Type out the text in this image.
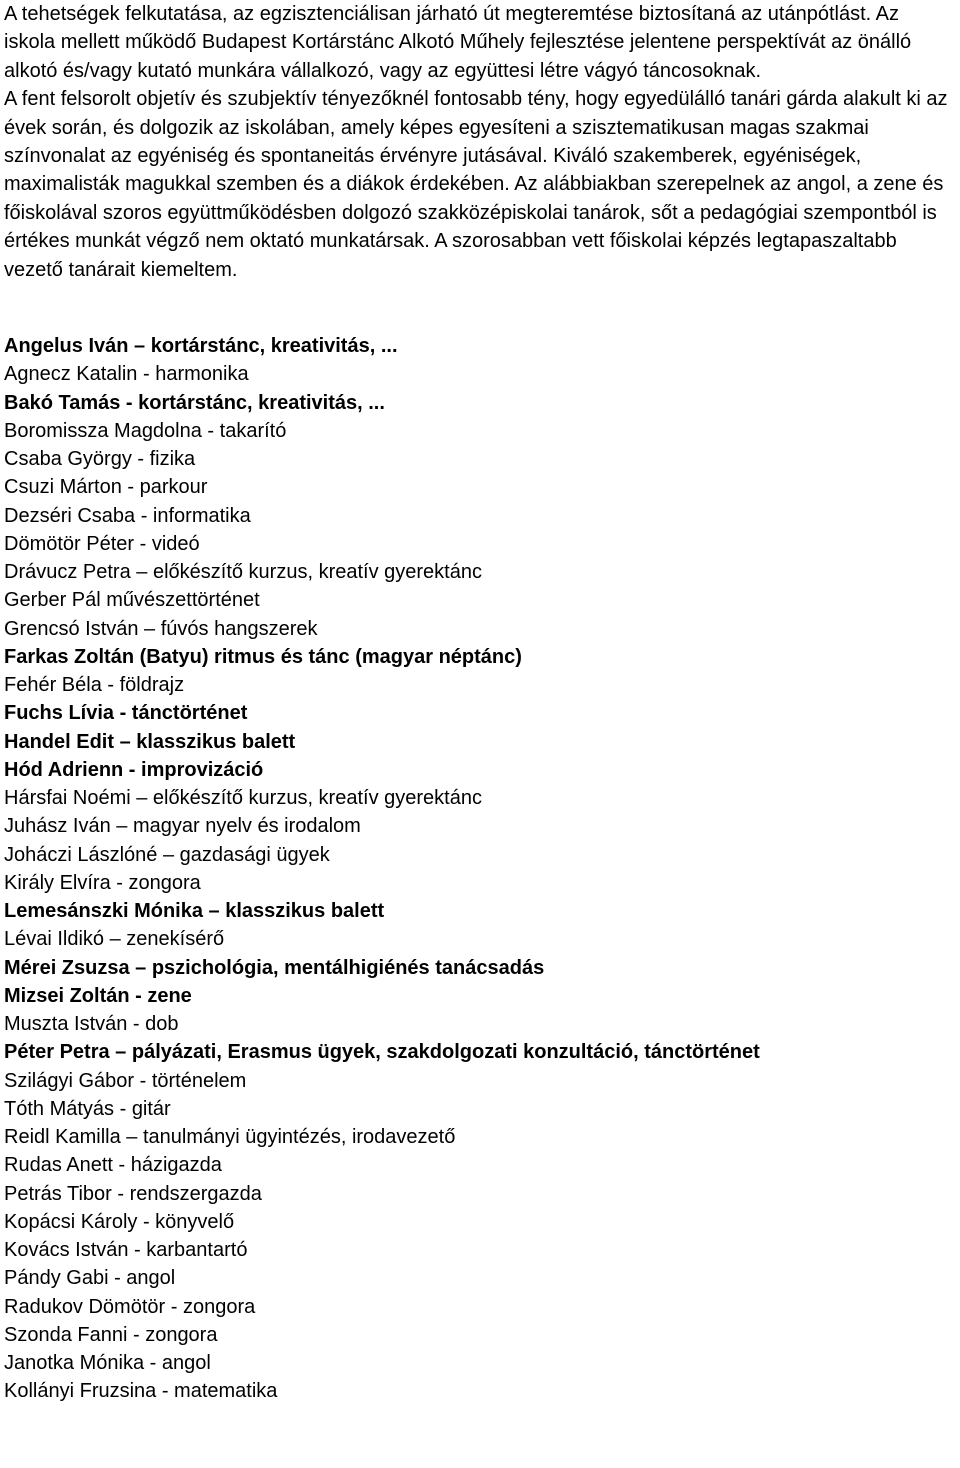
A tehetségek felkutatása, az egzisztenciálisan járható út megteremtése biztosítaná az utánpótlást. Az iskola mellett működő Budapest Kortárstánc Alkotó Műhely fejlesztése jelentene perspektívát az önálló alkotó és/vagy kutató munkára vállalkozó, vagy az együttesi létre vágyó táncosoknak.

A fent felsorolt objetív és szubjektív tényezőknél fontosabb tény, hogy egyedülálló tanári gárda alakult ki az évek során, és dolgozik az iskolában, amely képes egyesíteni a szisztematikusan magas szakmai színvonalat az egyéniség és spontaneitás érvényre jutásával. Kiváló szakemberek, egyéniségek, maximalisták magukkal szemben és a diákok érdekében. Az alábbiakban szerepelnek az angol, a zene és főiskolával szoros együttműködésben dolgozó szakközépiskolai tanárok, sőt a pedagógiai szempontból is értékes munkát végző nem oktató munkatársak. A szorosabban vett főiskolai képzés legtapaszaltabb vezető tanárait kiemeltem.

Angelus Iván – kortárstánc, kreativitás, ...
Agnecz Katalin - harmonika
Bakó Tamás - kortárstánc, kreativitás, ...
Boromissza Magdolna - takarító
Csaba György - fizika
Csuzi Márton - parkour
Dezséri Csaba - informatika
Dömötör Péter - videó
Drávucz Petra – előkészítő kurzus, kreatív gyerektánc
Gerber Pál művészettörténet
Grencsó István – fúvós hangszerek
Farkas Zoltán (Batyu) ritmus és tánc (magyar néptánc)
Fehér Béla - földrajz
Fuchs Lívia - tánctörténet
Handel Edit – klasszikus balett
Hód Adrienn - improvizáció
Hársfai Noémi – előkészítő kurzus, kreatív gyerektánc
Juhász Iván – magyar nyelv és irodalom
Joháczi Lászlóné – gazdasági ügyek
Király Elvíra - zongora
Lemesánszki Mónika – klasszikus balett
Lévai Ildikó – zenekísérő
Mérei Zsuzsa – pszichológia, mentálhigiénés tanácsadás
Mizsei Zoltán - zene
Muszta István - dob
Péter Petra – pályázati, Erasmus ügyek, szakdolgozati konzultáció, tánctörténet
Szilágyi Gábor - történelem
Tóth Mátyás - gitár
Reidl Kamilla – tanulmányi ügyintézés, irodavezető
Rudas Anett - házigazda
Petrás Tibor - rendszergazda
Kopácsi Károly - könyvelő
Kovács István - karbantartó
Pándy Gabi - angol
Radukov Dömötör - zongora
Szonda Fanni - zongora
Janotka Mónika - angol
Kollányi Fruzsina - matematika
